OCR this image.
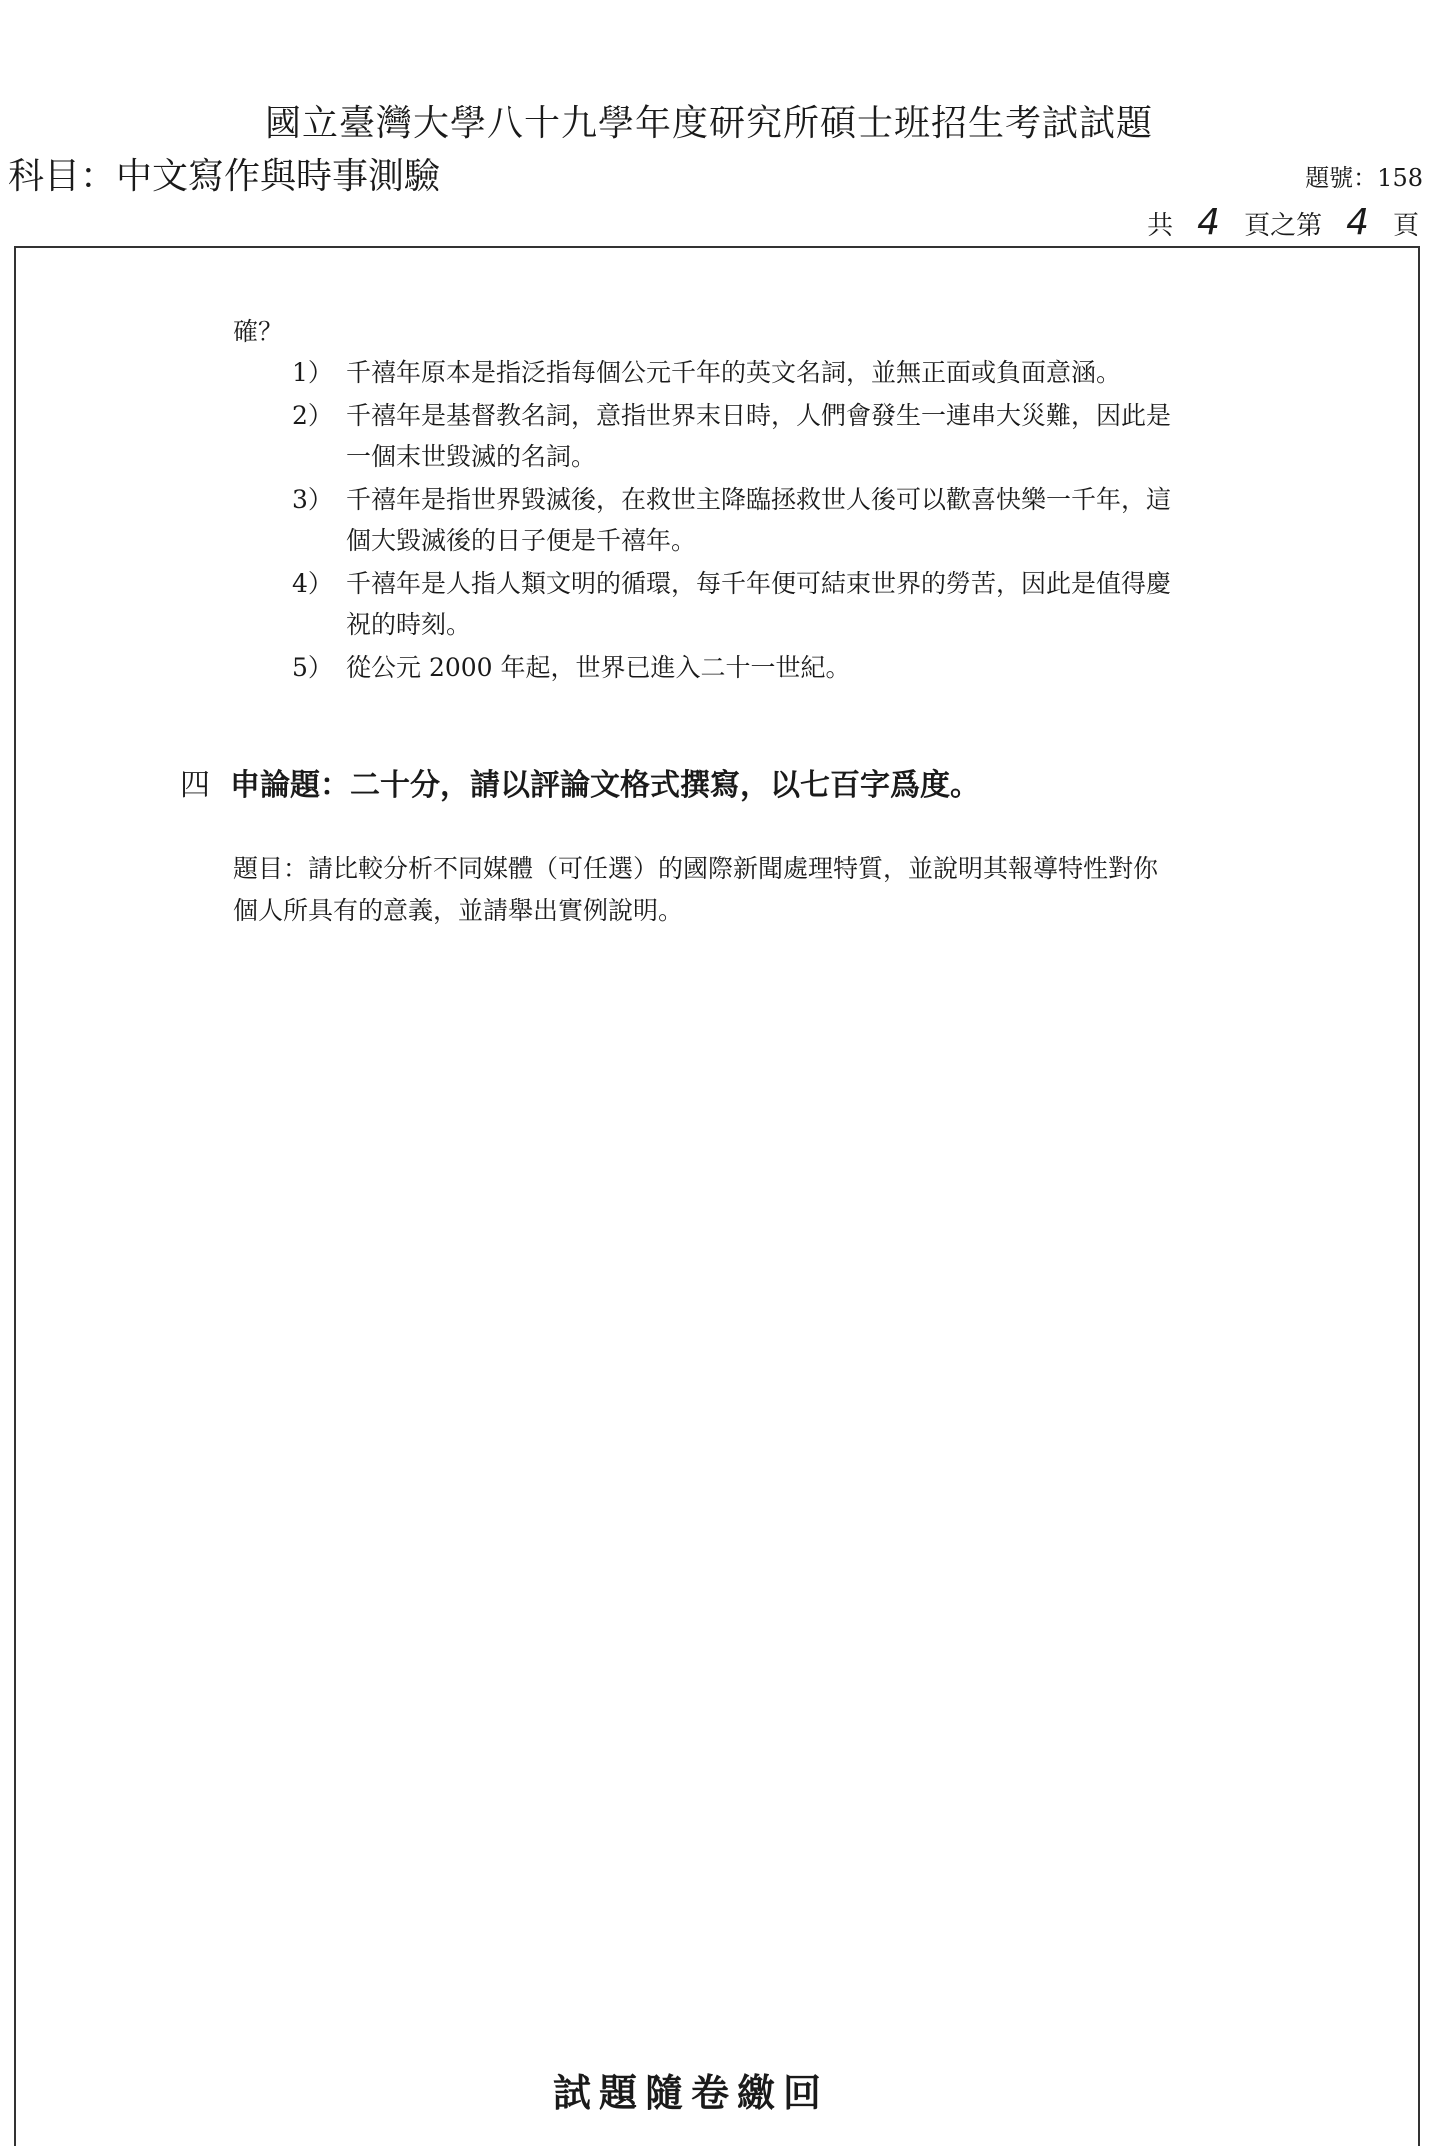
國立臺灣大學八十九學年度研究所碩士班招生考試試題
科目：中文寫作與時事測驗	題號：158
共 4 頁之第 4 頁
確？
1） 千禧年原本是指泛指每個公元千年的英文名詞，並無正面或負面意涵。
2） 千禧年是基督教名詞，意指世界末日時，人們會發生一連串大災難，因此是一個末世毀滅的名詞。
3） 千禧年是指世界毀滅後，在救世主降臨拯救世人後可以歡喜快樂一千年，這個大毀滅後的日子便是千禧年。
4） 千禧年是人指人類文明的循環，每千年便可結束世界的勞苦，因此是值得慶祝的時刻。
5） 從公元 2000 年起，世界已進入二十一世紀。
四 申論題：二十分，請以評論文格式撰寫，以七百字爲度。
題目：請比較分析不同媒體（可任選）的國際新聞處理特質，並說明其報導特性對你個人所具有的意義，並請舉出實例說明。
試題隨卷繳回
